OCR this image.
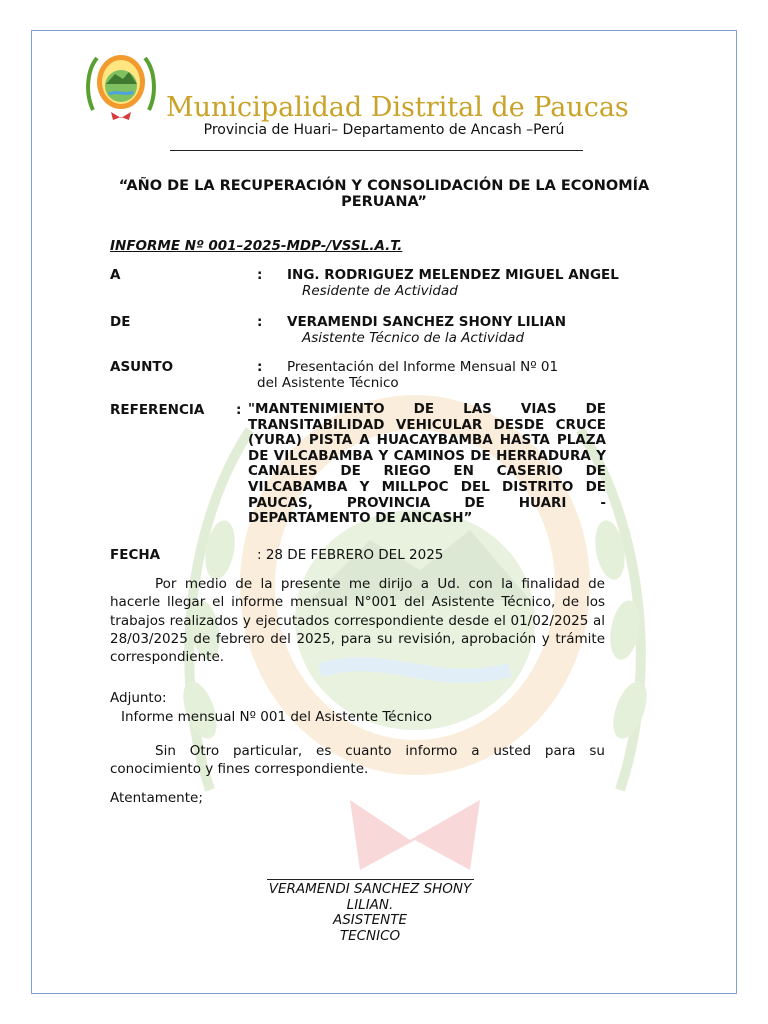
Municipalidad Distrital de Paucas
Provincia de Huari– Departamento de Ancash –Perú
“AÑO DE LA RECUPERACIÓN Y CONSOLIDACIÓN DE LA ECONOMÍA PERUANA”
INFORME Nº 001–2025-MDP-/VSSL.A.T.
A	: ING. RODRIGUEZ MELENDEZ MIGUEL ANGEL
Residente de Actividad
DE	: VERAMENDI SANCHEZ SHONY LILIAN
Asistente Técnico de la Actividad
ASUNTO	: Presentación del Informe Mensual Nº 01
del Asistente Técnico
REFERENCIA : "MANTENIMIENTO DE LAS VIAS DE TRANSITABILIDAD VEHICULAR DESDE CRUCE (YURA) PISTA A HUACAYBAMBA HASTA PLAZA DE VILCABAMBA Y CAMINOS DE HERRADURA Y CANALES DE RIEGO EN CASERIO DE VILCABAMBA Y MILLPOC DEL DISTRITO DE PAUCAS, PROVINCIA DE HUARI - DEPARTAMENTO DE ANCASH”
FECHA	: 28 DE FEBRERO DEL 2025
Por medio de la presente me dirijo a Ud. con la finalidad de hacerle llegar el informe mensual N°001 del Asistente Técnico, de los trabajos realizados y ejecutados correspondiente desde el 01/02/2025 al 28/03/2025 de febrero del 2025, para su revisión, aprobación y trámite correspondiente.
Adjunto:
Informe mensual Nº 001 del Asistente Técnico
Sin Otro particular, es cuanto informo a usted para su conocimiento y fines correspondiente.
Atentamente;
VERAMENDI SANCHEZ SHONY
LILIAN.
ASISTENTE
TECNICO
